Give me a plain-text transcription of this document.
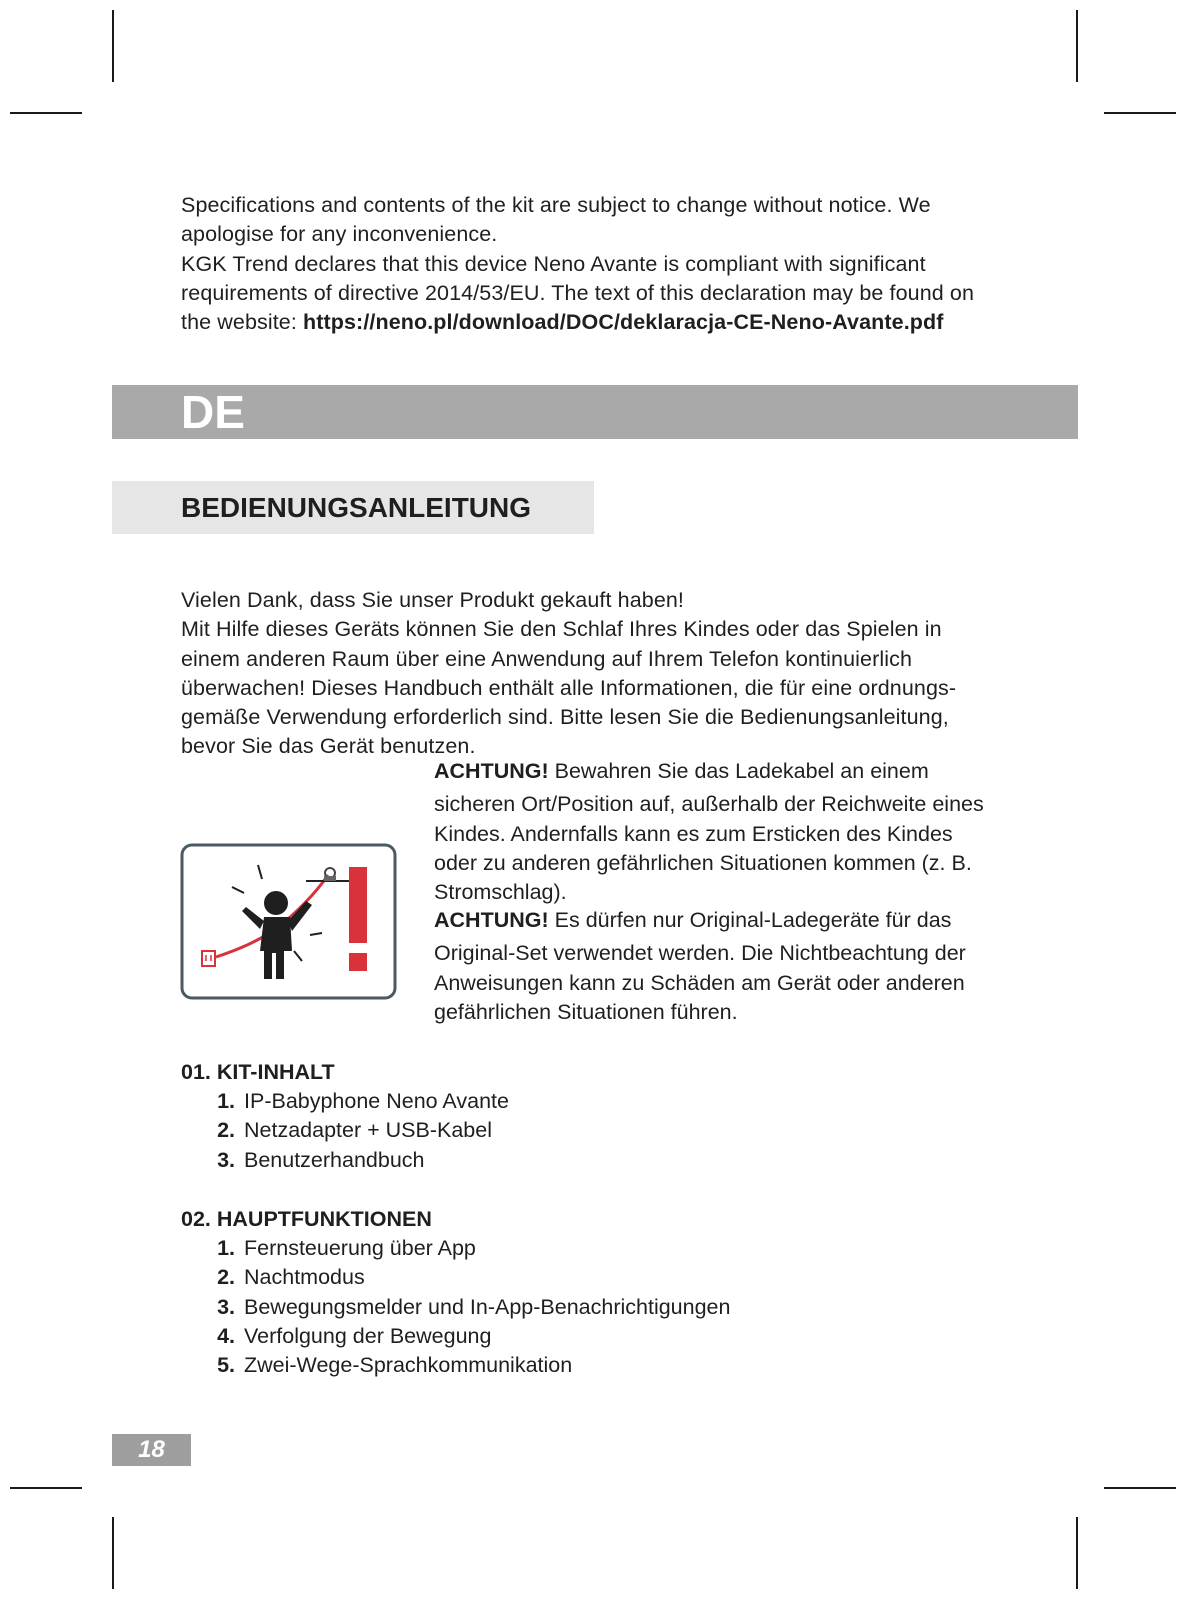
Specifications and contents of the kit are subject to change without notice. We
apologise for any inconvenience.
KGK Trend declares that this device Neno Avante is compliant with significant
requirements of directive 2014/53/EU. The text of this declaration may be found on
the website: https://neno.pl/download/DOC/deklaracja-CE-Neno-Avante.pdf
DE
BEDIENUNGSANLEITUNG
Vielen Dank, dass Sie unser Produkt gekauft haben!
Mit Hilfe dieses Geräts können Sie den Schlaf Ihres Kindes oder das Spielen in
einem anderen Raum über eine Anwendung auf Ihrem Telefon kontinuierlich
überwachen! Dieses Handbuch enthält alle Informationen, die für eine ordnungs-
gemäße Verwendung erforderlich sind. Bitte lesen Sie die Bedienungsanleitung,
bevor Sie das Gerät benutzen.
ACHTUNG! Bewahren Sie das Ladekabel an einem
sicheren Ort/Position auf, außerhalb der Reichweite eines
Kindes. Andernfalls kann es zum Ersticken des Kindes
oder zu anderen gefährlichen Situationen kommen (z. B.
Stromschlag).
ACHTUNG! Es dürfen nur Original-Ladegeräte für das
Original-Set verwendet werden. Die Nichtbeachtung der
Anweisungen kann zu Schäden am Gerät oder anderen
gefährlichen Situationen führen.
01. KIT-INHALT
1. IP-Babyphone Neno Avante
2. Netzadapter + USB-Kabel
3. Benutzerhandbuch
02. HAUPTFUNKTIONEN
1. Fernsteuerung über App
2. Nachtmodus
3. Bewegungsmelder und In-App-Benachrichtigungen
4. Verfolgung der Bewegung
5. Zwei-Wege-Sprachkommunikation
18
